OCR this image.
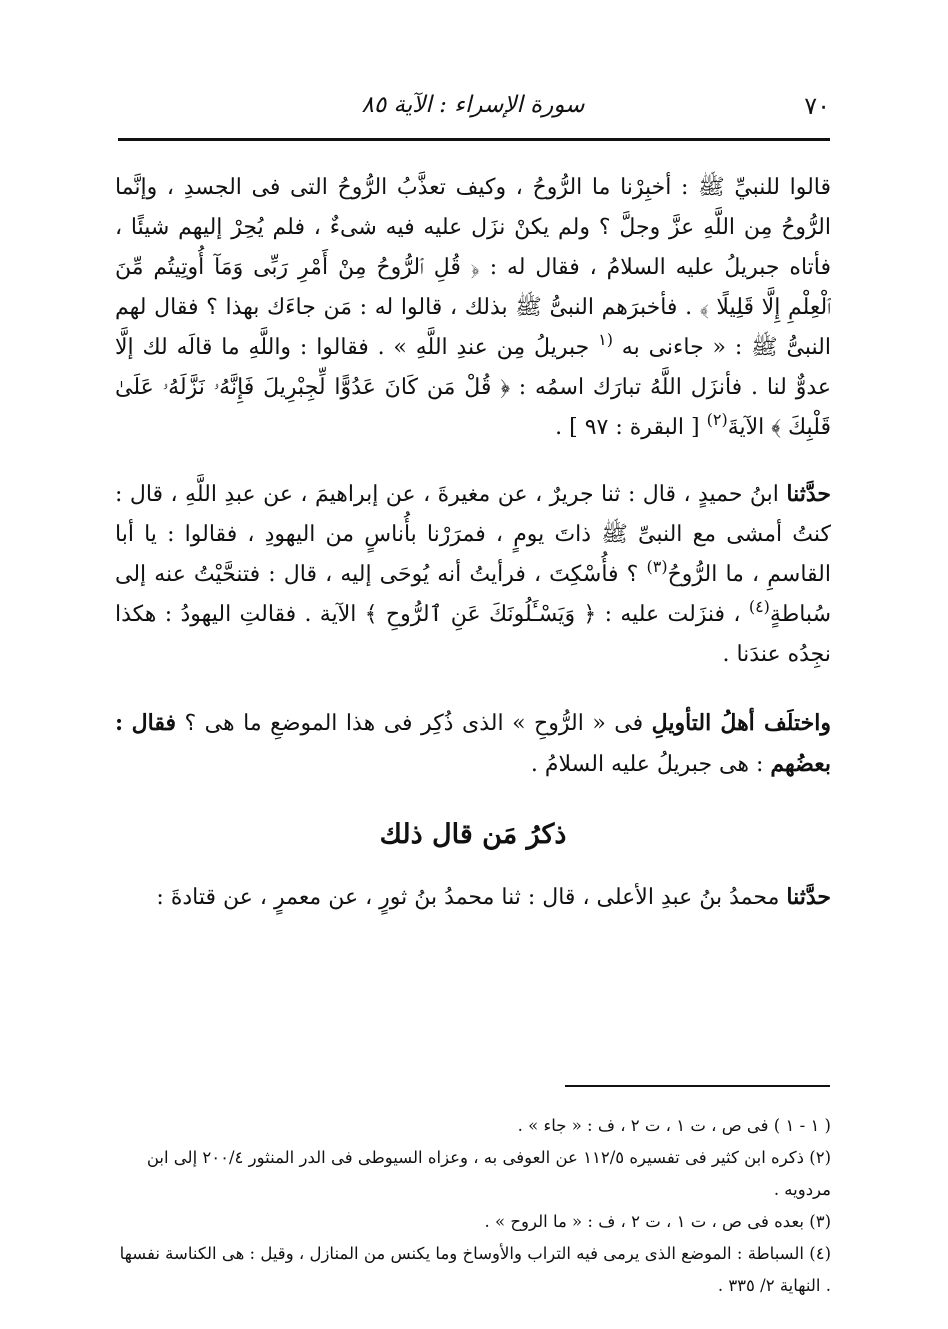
٧٠
سورة الإسراء : الآية ٨٥

قالوا للنبيِّ ﷺ : أخبِرْنا ما الرُّوحُ ، وكيف تعذَّبُ الرُّوحُ التى فى الجسدِ ، وإنَّما الرُّوحُ مِن اللَّهِ عزَّ وجلَّ ؟ ولم يكنْ نزَل عليه فيه شىءٌ ، فلم يُحِرْ إليهم شيئًا ، فأتاه جبريلُ عليه السلامُ ، فقال له : ﴿ قُلِ ٱلرُّوحُ مِنْ أَمْرِ رَبِّى وَمَآ أُوتِيتُم مِّنَ ٱلْعِلْمِ إِلَّا قَلِيلًا ﴾ . فأخبرَهم النبىُّ ﷺ بذلك ، قالوا له : مَن جاءَك بهذا ؟ فقال لهم النبىُّ ﷺ : « جاءنى به $^{(١}$ جبريلُ مِن عندِ اللَّهِ » . فقالوا : واللَّهِ ما قالَه لك إلَّا عدوٌّ لنا . فأنزَل اللَّهُ تبارَك اسمُه : ﴿ قُلْ مَن كَانَ عَدُوًّا لِّجِبْرِيلَ فَإِنَّهُۥ نَزَّلَهُۥ عَلَىٰ قَلْبِكَ ﴾ الآيةَ$^{(٢)}$ [ البقرة : ٩٧ ] .

حدَّثنا ابنُ حميدٍ ، قال : ثنا جريرٌ ، عن مغيرةَ ، عن إبراهيمَ ، عن عبدِ اللَّهِ ، قال : كنتُ أمشى مع النبىِّ ﷺ ذاتَ يومٍ ، فمرَرْنا بأُناسٍ من اليهودِ ، فقالوا : يا أبا القاسمِ ، ما الرُّوحُ$^{(٣)}$ ؟ فأُسْكِتَ ، فرأيتُ أنه يُوحَى إليه ، قال : فتنحَّيْتُ عنه إلى سُباطةٍ$^{(٤)}$ ، فنزَلت عليه : ﴿ وَيَسْـَٔلُونَكَ عَنِ ٱلرُّوحِ ﴾ الآية . فقالتِ اليهودُ : هكذا نجِدُه عندَنا .

واختلَف أهلُ التأويلِ فى « الرُّوحِ » الذى ذُكِر فى هذا الموضعِ ما هى ؟ فقال : بعضُهم : هى جبريلُ عليه السلامُ .

ذكرُ مَن قال ذلك

حدَّثنا محمدُ بنُ عبدِ الأعلى ، قال : ثنا محمدُ بنُ ثورٍ ، عن معمرٍ ، عن قتادةَ :

( ١ - ١ ) فى ص ، ت ١ ، ت ٢ ، ف : « جاء » .

(٢) ذكره ابن كثير فى تفسيره ١١٢/٥ عن العوفى به ، وعزاه السيوطى فى الدر المنثور ٢٠٠/٤ إلى ابن مردويه .

(٣) بعده فى ص ، ت ١ ، ت ٢ ، ف : « ما الروح » .

(٤) السباطة : الموضع الذى يرمى فيه التراب والأوساخ وما يكنس من المنازل ، وقيل : هى الكناسة نفسها . النهاية ٢/ ٣٣٥ .
